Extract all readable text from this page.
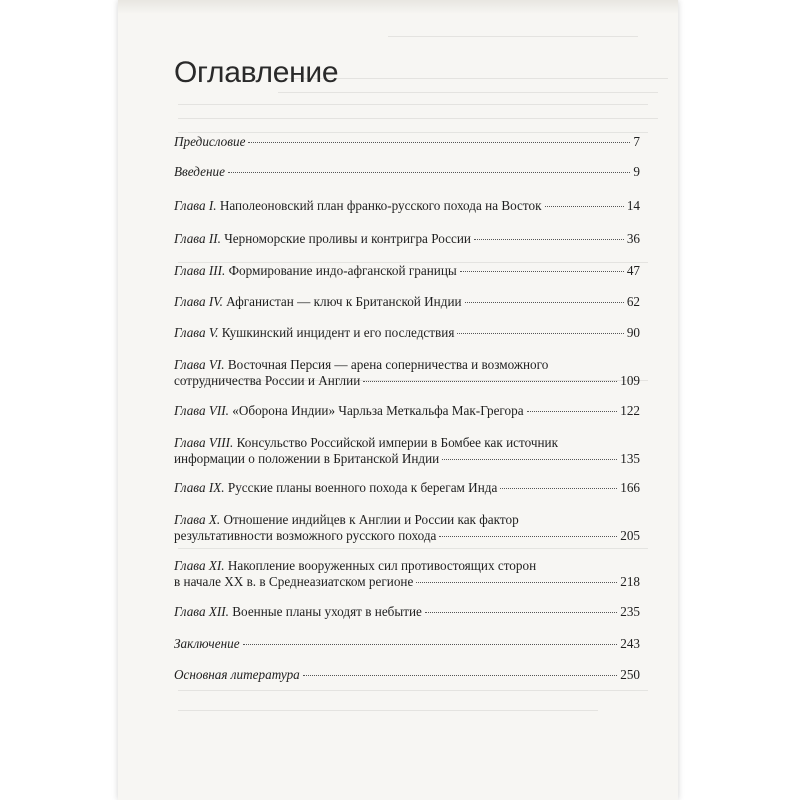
Оглавление
Предисловие	7
Введение	9
Глава I. Наполеоновский план франко-русского похода на Восток	14
Глава II. Черноморские проливы и контригра России	36
Глава III. Формирование индо-афганской границы	47
Глава IV. Афганистан — ключ к Британской Индии	62
Глава V. Кушкинский инцидент и его последствия	90
Глава VI. Восточная Персия — арена соперничества и возможного
сотрудничества России и Англии	109
Глава VII. «Оборона Индии» Чарльза Меткальфа Мак-Грегора	122
Глава VIII. Консульство Российской империи в Бомбее как источник
информации о положении в Британской Индии	135
Глава IX. Русские планы военного похода к берегам Инда	166
Глава X. Отношение индийцев к Англии и России как фактор
результативности возможного русского похода	205
Глава XI. Накопление вооруженных сил противостоящих сторон
в начале XX в. в Среднеазиатском регионе	218
Глава XII. Военные планы уходят в небытие	235
Заключение	243
Основная литература	250
